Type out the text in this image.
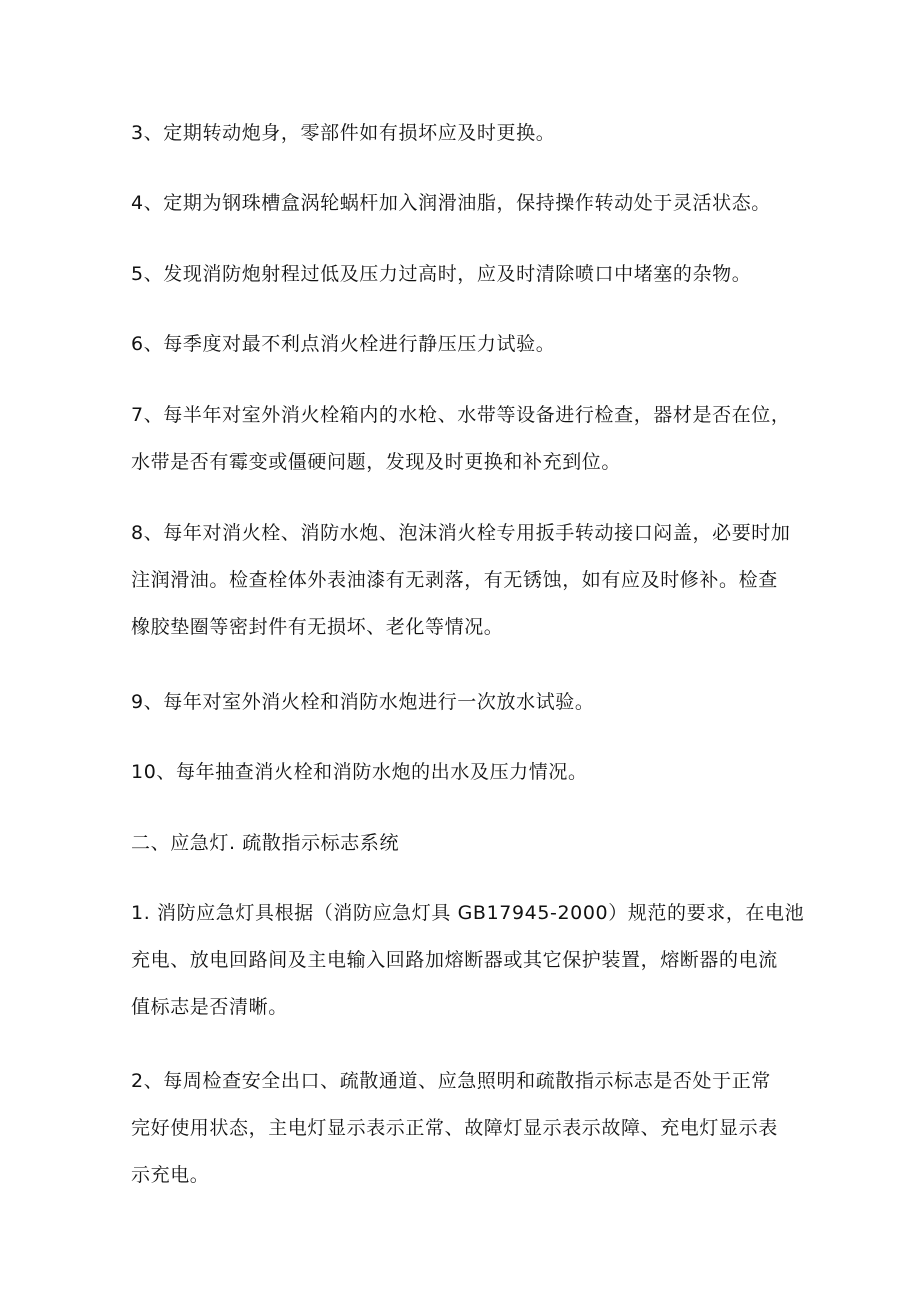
3、定期转动炮身，零部件如有损坏应及时更换。
4、定期为钢珠槽盒涡轮蜗杆加入润滑油脂，保持操作转动处于灵活状态。
5、发现消防炮射程过低及压力过高时，应及时清除喷口中堵塞的杂物。
6、每季度对最不利点消火栓进行静压压力试验。
7、每半年对室外消火栓箱内的水枪、水带等设备进行检查，器材是否在位，
水带是否有霉变或僵硬问题，发现及时更换和补充到位。
8、每年对消火栓、消防水炮、泡沫消火栓专用扳手转动接口闷盖，必要时加
注润滑油。检查栓体外表油漆有无剥落，有无锈蚀，如有应及时修补。检查
橡胶垫圈等密封件有无损坏、老化等情况。
9、每年对室外消火栓和消防水炮进行一次放水试验。
10、每年抽查消火栓和消防水炮的出水及压力情况。
二、应急灯. 疏散指示标志系统
1. 消防应急灯具根据（消防应急灯具 GB17945-2000）规范的要求，在电池
充电、放电回路间及主电输入回路加熔断器或其它保护装置，熔断器的电流
值标志是否清晰。
2、每周检查安全出口、疏散通道、应急照明和疏散指示标志是否处于正常
完好使用状态，主电灯显示表示正常、故障灯显示表示故障、充电灯显示表
示充电。
